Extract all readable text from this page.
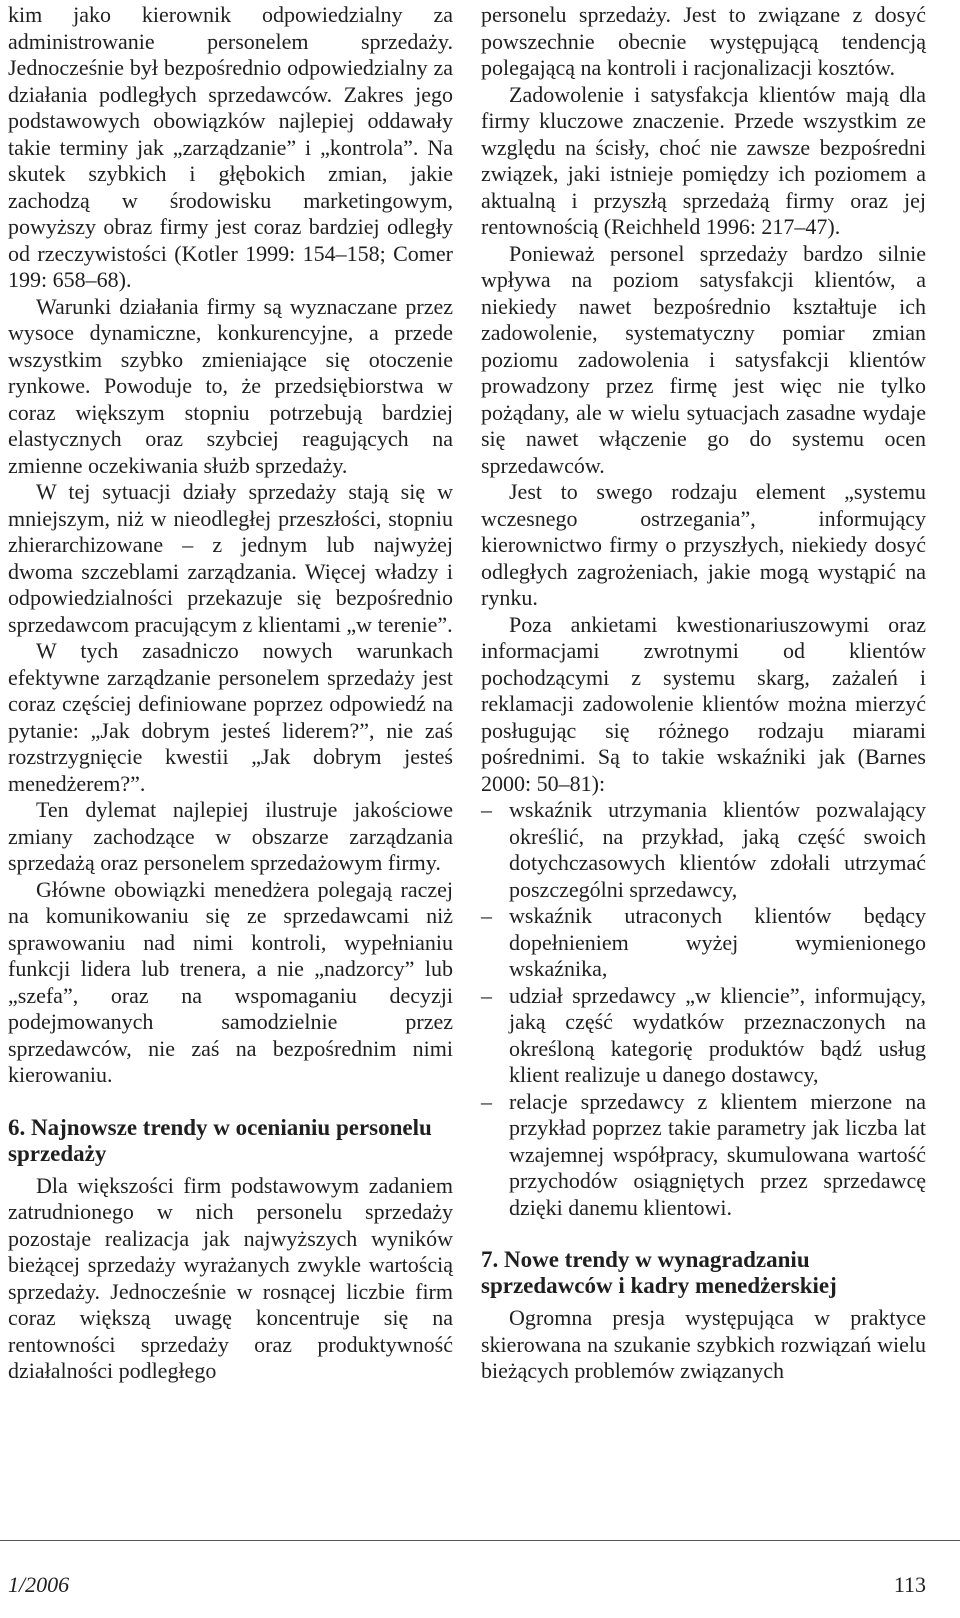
kim jako kierownik odpowiedzialny za administrowanie personelem sprzedaży. Jednocześnie był bezpośrednio odpowiedzialny za działania podległych sprzedawców. Zakres jego podstawowych obowiązków najlepiej oddawały takie terminy jak „zarządzanie” i „kontrola”. Na skutek szybkich i głębokich zmian, jakie zachodzą w środowisku marketingowym, powyższy obraz firmy jest coraz bardziej odległy od rzeczywistości (Kotler 1999: 154–158; Comer 199: 658–68).

Warunki działania firmy są wyznaczane przez wysoce dynamiczne, konkurencyjne, a przede wszystkim szybko zmieniające się otoczenie rynkowe. Powoduje to, że przedsiębiorstwa w coraz większym stopniu potrzebują bardziej elastycznych oraz szybciej reagujących na zmienne oczekiwania służb sprzedaży.

W tej sytuacji działy sprzedaży stają się w mniejszym, niż w nieodległej przeszłości, stopniu zhierarchizowane – z jednym lub najwyżej dwoma szczeblami zarządzania. Więcej władzy i odpowiedzialności przekazuje się bezpośrednio sprzedawcom pracującym z klientami „w terenie”.

W tych zasadniczo nowych warunkach efektywne zarządzanie personelem sprzedaży jest coraz częściej definiowane poprzez odpowiedź na pytanie: „Jak dobrym jesteś liderem?”, nie zaś rozstrzygnięcie kwestii „Jak dobrym jesteś menedżerem?”.

Ten dylemat najlepiej ilustruje jakościowe zmiany zachodzące w obszarze zarządzania sprzedażą oraz personelem sprzedażowym firmy.

Główne obowiązki menedżera polegają raczej na komunikowaniu się ze sprzedawcami niż sprawowaniu nad nimi kontroli, wypełnianiu funkcji lidera lub trenera, a nie „nadzorcy” lub „szefa”, oraz na wspomaganiu decyzji podejmowanych samodzielnie przez sprzedawców, nie zaś na bezpośrednim nimi kierowaniu.

6. Najnowsze trendy w ocenianiu personelu sprzedaży

Dla większości firm podstawowym zadaniem zatrudnionego w nich personelu sprzedaży pozostaje realizacja jak najwyższych wyników bieżącej sprzedaży wyrażanych zwykle wartością sprzedaży. Jednocześnie w rosnącej liczbie firm coraz większą uwagę koncentruje się na rentowności sprzedaży oraz produktywność działalności podległego

personelu sprzedaży. Jest to związane z dosyć powszechnie obecnie występującą tendencją polegającą na kontroli i racjonalizacji kosztów.

Zadowolenie i satysfakcja klientów mają dla firmy kluczowe znaczenie. Przede wszystkim ze względu na ścisły, choć nie zawsze bezpośredni związek, jaki istnieje pomiędzy ich poziomem a aktualną i przyszłą sprzedażą firmy oraz jej rentownością (Reichheld 1996: 217–47).

Ponieważ personel sprzedaży bardzo silnie wpływa na poziom satysfakcji klientów, a niekiedy nawet bezpośrednio kształtuje ich zadowolenie, systematyczny pomiar zmian poziomu zadowolenia i satysfakcji klientów prowadzony przez firmę jest więc nie tylko pożądany, ale w wielu sytuacjach zasadne wydaje się nawet włączenie go do systemu ocen sprzedawców.

Jest to swego rodzaju element „systemu wczesnego ostrzegania”, informujący kierownictwo firmy o przyszłych, niekiedy dosyć odległych zagrożeniach, jakie mogą wystąpić na rynku.

Poza ankietami kwestionariuszowymi oraz informacjami zwrotnymi od klientów pochodzącymi z systemu skarg, zażaleń i reklamacji zadowolenie klientów można mierzyć posługując się różnego rodzaju miarami pośrednimi. Są to takie wskaźniki jak (Barnes 2000: 50–81):

– wskaźnik utrzymania klientów pozwalający określić, na przykład, jaką część swoich dotychczasowych klientów zdołali utrzymać poszczególni sprzedawcy,
– wskaźnik utraconych klientów będący dopełnieniem wyżej wymienionego wskaźnika,
– udział sprzedawcy „w kliencie”, informujący, jaką część wydatków przeznaczonych na określoną kategorię produktów bądź usług klient realizuje u danego dostawcy,
– relacje sprzedawcy z klientem mierzone na przykład poprzez takie parametry jak liczba lat wzajemnej współpracy, skumulowana wartość przychodów osiągniętych przez sprzedawcę dzięki danemu klientowi.
7. Nowe trendy w wynagradzaniu sprzedawców i kadry menedżerskiej

Ogromna presja występująca w praktyce skierowana na szukanie szybkich rozwiązań wielu bieżących problemów związanych

1/2006	113
